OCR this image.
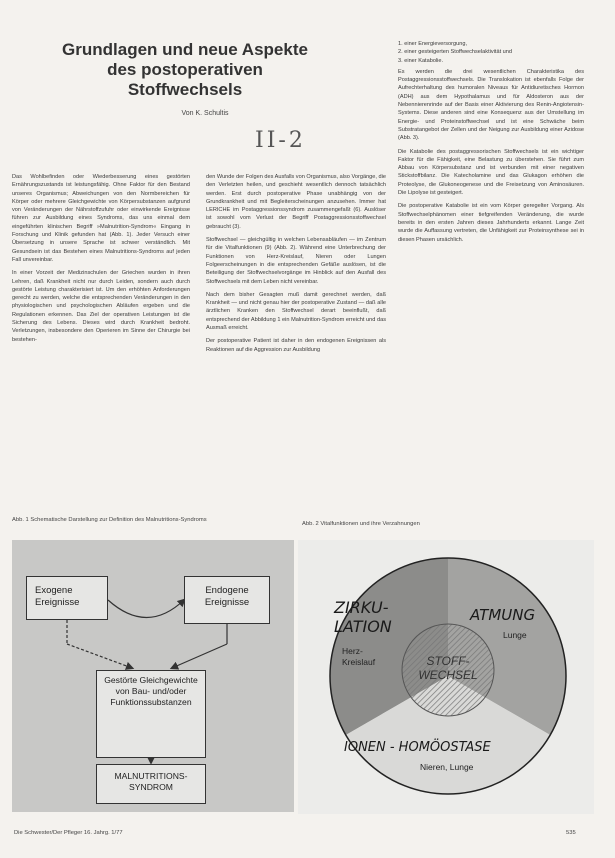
Grundlagen und neue Aspekte des postoperativen Stoffwechsels
Von K. Schultis
II-2

Das Wohlbefinden oder Wiederbesserung eines gestörten Ernährungszustands ist leistungsfähig. Ohne Faktor für den Bestand unseres Organismus; Abweichungen von den Normbereichen für Körper oder mehrere Gleichgewichte von Körpersubstanzen aufgrund von Veränderungen der Nährstoffzufuhr oder einwirkende Ereignisse führen zur Ausbildung eines Syndroms, das uns einmal dem eingeführten klinischen Begriff »Malnutrition-Syndrom« Eingang in Forschung und Klinik gefunden hat (Abb. 1). Jeder Versuch einer Übersetzung in unsere Sprache ist schwer verständlich. Mit Gesundsein ist das Bestehen eines Malnutritions-Syndroms auf jeden Fall unvereinbar.

In einer Vorzeit der Medizinschulen der Griechen wurden in ihren Lehren, daß Krankheit nicht nur durch Leiden, sondern auch durch gestörte Leistung charakterisiert ist. Um den erhöhten Anforderungen gerecht zu werden, welche die entsprechenden Veränderungen in den physiologischen und psychologischen Abläufen ergeben und die Regulationen erkennen. Das Ziel der operativen Leistungen ist die Sicherung des Lebens. Dieses wird durch Krankheit bedroht. Verletzungen, insbesondere den Operieren im Sinne der Chirurgie bei bestehen-

den Wunde der Folgen des Ausfalls von Organismus, also Vorgänge, die den Verletzten heilen, und geschieht wesentlich dennoch tatsächlich werden. Erst durch postoperative Phase unabhängig von der Grundkrankheit und mit Begleiterscheinungen anzusehen. Immer hat LERICHE im Postaggressionssyndrom zusammengefaßt (6). Auslöser ist sowohl vom Verlust der Begriff Postaggressionsstoffwechsel gebraucht (3).

Stoffwechsel — gleichgültig in welchen Lebensabläufen — im Zentrum für die Vitalfunktionen (9) (Abb. 2). Während eine Unterbrechung der Funktionen von Herz-Kreislauf, Nieren oder Lungen Folgeerscheinungen in die entsprechenden Gefäße auslösen, ist die Beteiligung der Stoffwechselvorgänge im Hinblick auf den Ausfall des Stoffwechsels mit dem Leben nicht vereinbar.

Nach dem bisher Gesagten muß damit gerechnet werden, daß Krankheit — und nicht genau hier der postoperative Zustand — daß alle ärztlichen Kranken den Stoffwechsel derart beeinflußt, daß entsprechend der Abbildung 1 ein Malnutrition-Syndrom erreicht und das Ausmaß erreicht.

Der postoperative Patient ist daher in den endogenen Ereignissen als Reaktionen auf die Aggression zur Ausbildung

1. einer Energieversorgung,
2. einer gesteigerten Stoffwechselaktivität und
3. einer Katabolie.

Es werden die drei wesentlichen Charakteristika des Postaggressionsstoffwechsels. Die Translokation ist ebenfalls Folge der Aufrechterhaltung des humoralen Niveaus für Antidiuretisches Hormon (ADH) aus dem Hypothalamus und für Aldosteron aus der Nebennierenrinde auf der Basis einer Aktivierung des Renin-Angiotensin-Systems. Diese anderen sind eine Konsequenz aus der Umstellung im Energie- und Proteinstoffwechsel und ist eine Schwäche beim Substratangebot der Zellen und der Neigung zur Ausbildung einer Azidose (Abb. 3).

Die Katabolie des postaggressorischen Stoffwechsels ist ein wichtiger Faktor für die Fähigkeit, eine Belastung zu überstehen. Sie führt zum Abbau von Körpersubstanz und ist verbunden mit einer negativen Stickstoffbilanz. Die Katecholamine und das Glukagon erhöhen die Proteolyse, die Glukoneogenese und die Freisetzung von Aminosäuren. Die Lipolyse ist gesteigert.

Die postoperative Katabolie ist ein vom Körper geregelter Vorgang. Als Stoffwechselphänomen einer tiefgreifenden Veränderung, die wurde bereits in den ersten Jahren dieses Jahrhunderts erkannt. Lange Zeit wurde die Auffassung vertreten, die Unfähigkeit zur Proteinsynthese sei in diesen Phasen ursächlich.

Abb. 1 Schematische Darstellung zur Definition des Malnutritions-Syndroms
Abb. 2 Vitalfunktionen und ihre Verzahnungen
Exogene Ereignisse
Endogene Ereignisse
Gestörte Gleichgewichte von Bau- und/oder Funktionssubstanzen
MALNUTRITIONS-SYNDROM
ZIRKU-LATION
Herz-Kreislauf
ATMUNG
Lunge
STOFF-WECHSEL
IONEN - HOMÖOSTASE
Nieren, Lunge
Die Schwester/Der Pfleger 16. Jahrg. 1/77	535
